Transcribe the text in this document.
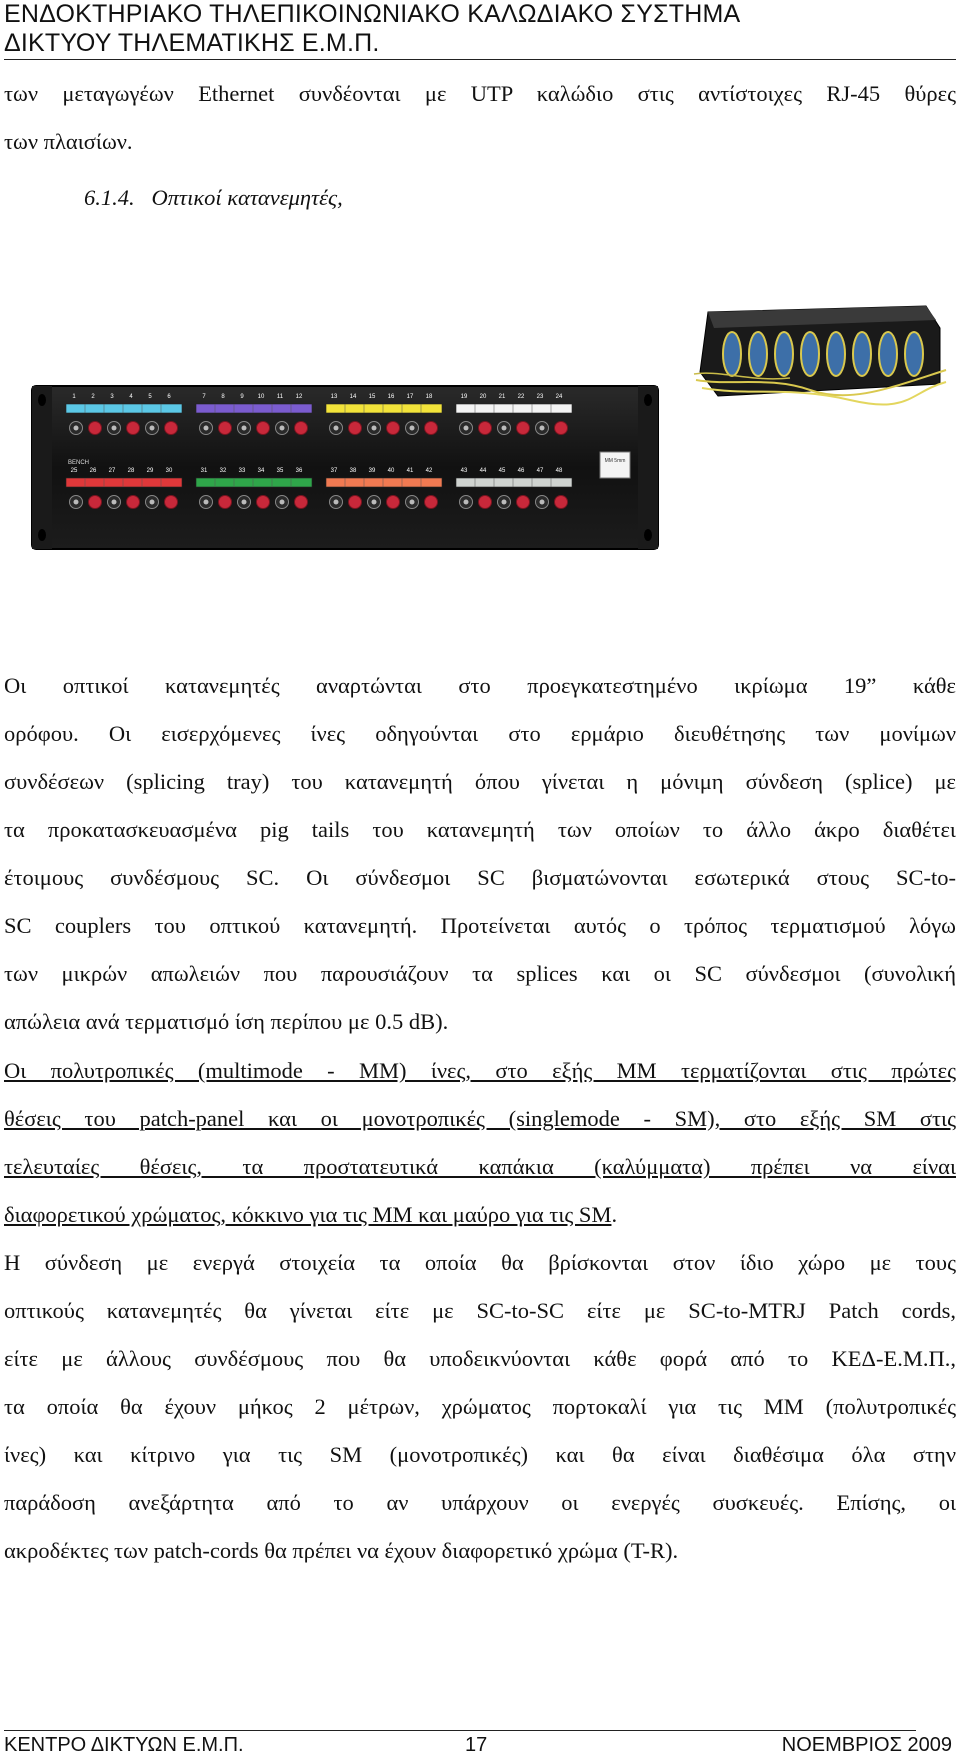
ΕΝΔΟΚΤΗΡΙΑΚΟ ΤΗΛΕΠΙΚΟΙΝΩΝΙΑΚΟ ΚΑΛΩΔΙΑΚΟ ΣΥΣΤΗΜΑ
ΔΙΚΤΥΟΥ ΤΗΛΕΜΑΤΙΚΗΣ Ε.Μ.Π.
των μεταγωγέων Ethernet συνδέονται με UTP καλώδιο στις αντίστοιχες RJ-45 θύρες
των πλαισίων.
6.1.4. Οπτικοί κατανεμητές,
1	2	3	4	5	6	7	8	9 10 11 12	13 14 15 16 17 18	19 20 21 22 23 24
25 26 27 28 29 30	31 32 33 34 35 36	37 38 39 40 41 42	43 44 45 46 47 48
MM 5mm
BENCH
Οι οπτικοί κατανεμητές αναρτώνται στο προεγκατεστημένο ικρίωμα 19” κάθε
ορόφου. Οι εισερχόμενες ίνες οδηγούνται στο ερμάριο διευθέτησης των μονίμων
συνδέσεων (splicing tray) του κατανεμητή όπου γίνεται η μόνιμη σύνδεση (splice) με
τα προκατασκευασμένα pig tails του κατανεμητή των οποίων το άλλο άκρο διαθέτει
έτοιμους συνδέσμους SC. Οι σύνδεσμοι SC βισματώνονται εσωτερικά στους SC-to-
SC couplers του οπτικού κατανεμητή. Προτείνεται αυτός ο τρόπος τερματισμού λόγω
των μικρών απωλειών που παρουσιάζουν τα splices και οι SC σύνδεσμοι (συνολική
απώλεια ανά τερματισμό ίση περίπου με 0.5 dB).
Οι πολυτροπικές (multimode - MM) ίνες, στο εξής MM τερματίζονται στις πρώτες
θέσεις του patch-panel και οι μονοτροπικές (singlemode - SM), στο εξής SM στις
τελευταίες θέσεις, τα προστατευτικά καπάκια (καλύμματα) πρέπει να είναι
διαφορετικού χρώματος, κόκκινο για τις MM και μαύρο για τις SM.
Η σύνδεση με ενεργά στοιχεία τα οποία θα βρίσκονται στον ίδιο χώρο με τους
οπτικούς κατανεμητές θα γίνεται είτε με SC-to-SC είτε με SC-to-MTRJ Patch cords,
είτε με άλλους συνδέσμους που θα υποδεικνύονται κάθε φορά από το ΚΕΔ-Ε.Μ.Π.,
τα οποία θα έχουν μήκος 2 μέτρων, χρώματος πορτοκαλί για τις MM (πολυτροπικές
ίνες) και κίτρινο για τις SM (μονοτροπικές) και θα είναι διαθέσιμα όλα στην
παράδοση ανεξάρτητα από το αν υπάρχουν οι ενεργές συσκευές. Επίσης, οι
ακροδέκτες των patch-cords θα πρέπει να έχουν διαφορετικό χρώμα (T-R).
ΚΕΝΤΡΟ ΔΙΚΤΥΩΝ Ε.Μ.Π.	17	ΝΟΕΜΒΡΙΟΣ 2009
